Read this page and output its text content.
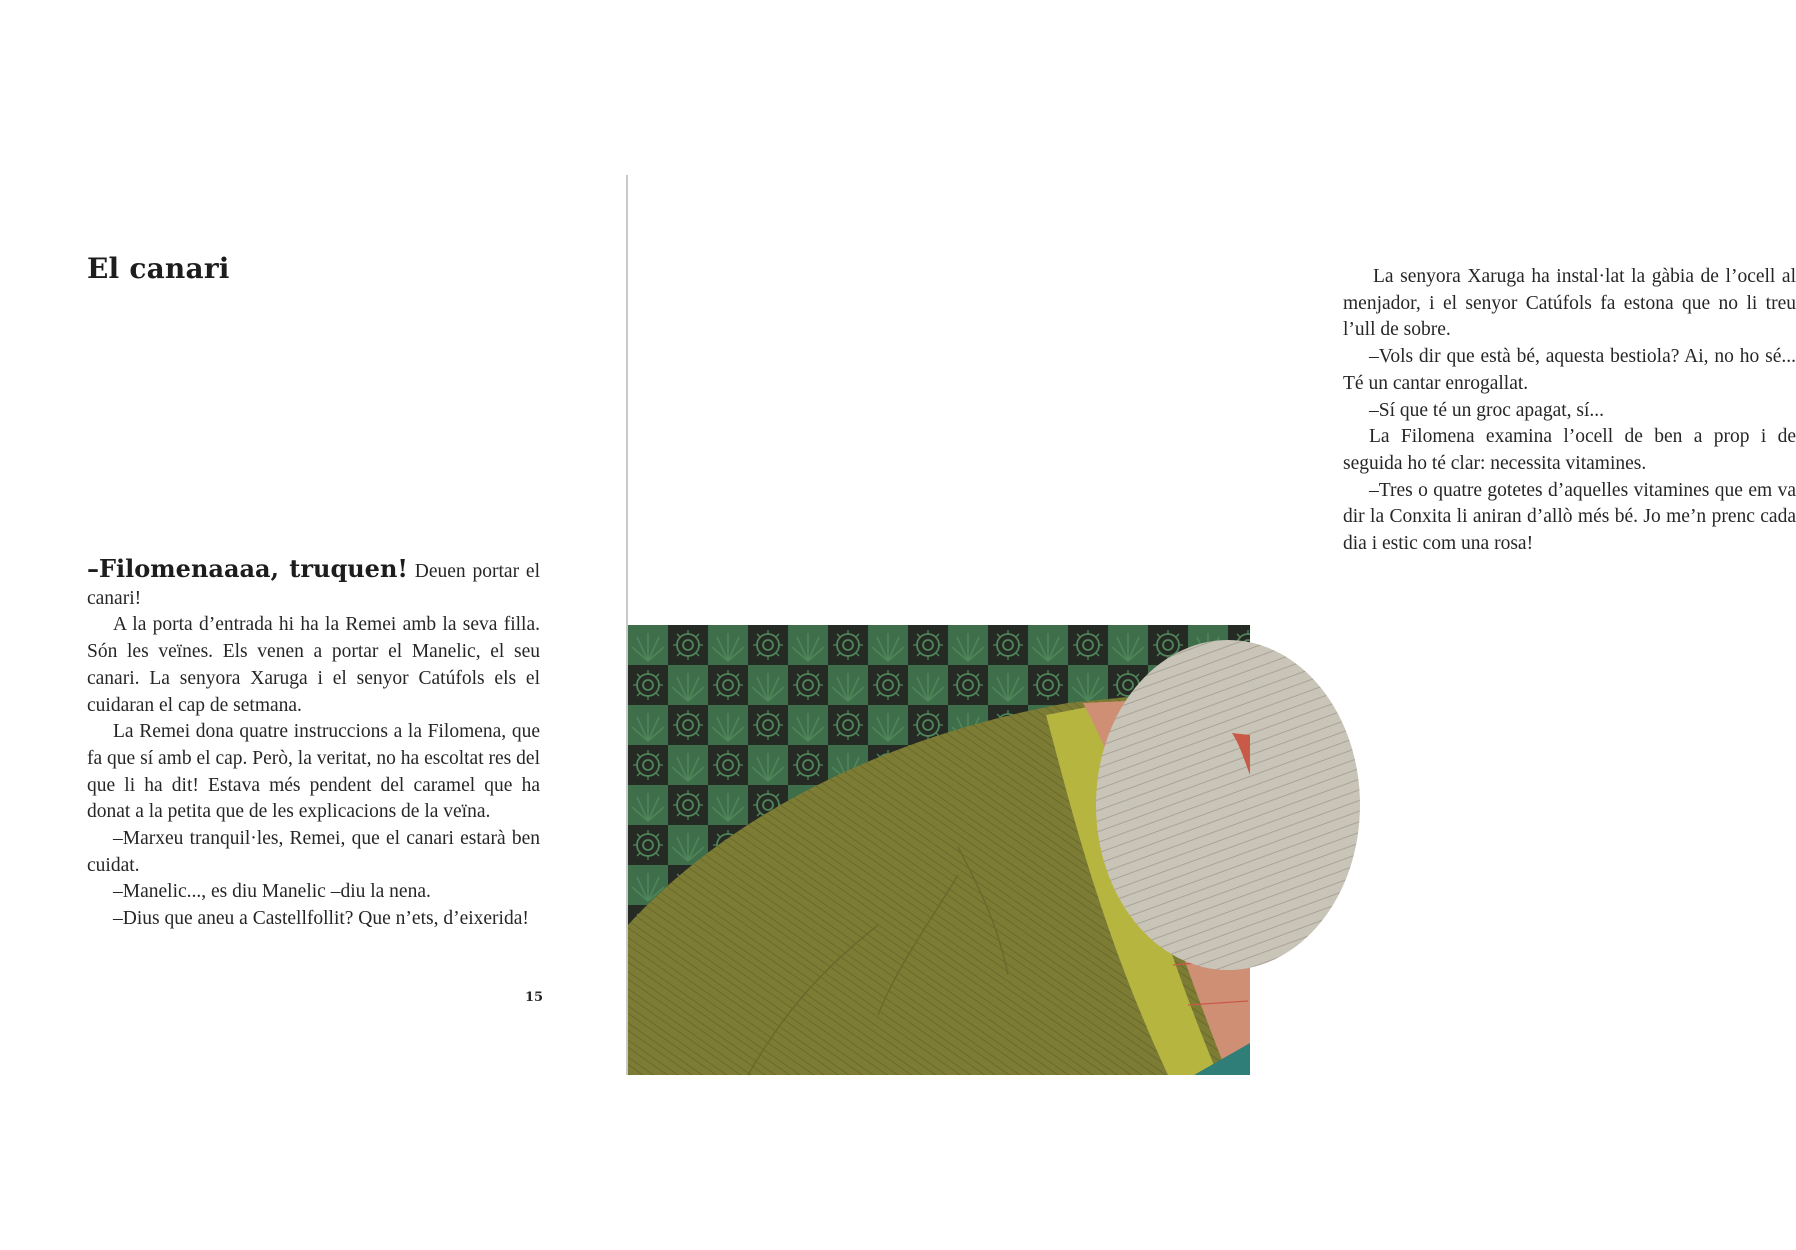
El canari

–Filomenaaaa, truquen! Deuen portar el canari!

A la porta d’entrada hi ha la Remei amb la seva filla. Són les veïnes. Els venen a portar el Manelic, el seu canari. La senyora Xaruga i el senyor Catúfols els el cuidaran el cap de setmana.

La Remei dona quatre instruccions a la Filomena, que fa que sí amb el cap. Però, la veritat, no ha escoltat res del que li ha dit! Estava més pendent del caramel que ha donat a la petita que de les explicacions de la veïna.

–Marxeu tranquil·les, Remei, que el canari estarà ben cuidat.

–Manelic..., es diu Manelic –diu la nena.

–Dius que aneu a Castellfollit? Que n’ets, d’eixerida!

15

La senyora Xaruga ha instal·lat la gàbia de l’ocell al menjador, i el senyor Catúfols fa estona que no li treu l’ull de sobre.

–Vols dir que està bé, aquesta bestiola? Ai, no ho sé... Té un cantar enrogallat.

–Sí que té un groc apagat, sí...

La Filomena examina l’ocell de ben a prop i de seguida ho té clar: necessita vitamines.

–Tres o quatre gotetes d’aquelles vitamines que em va dir la Conxita li aniran d’allò més bé. Jo me’n prenc cada dia i estic com una rosa!
